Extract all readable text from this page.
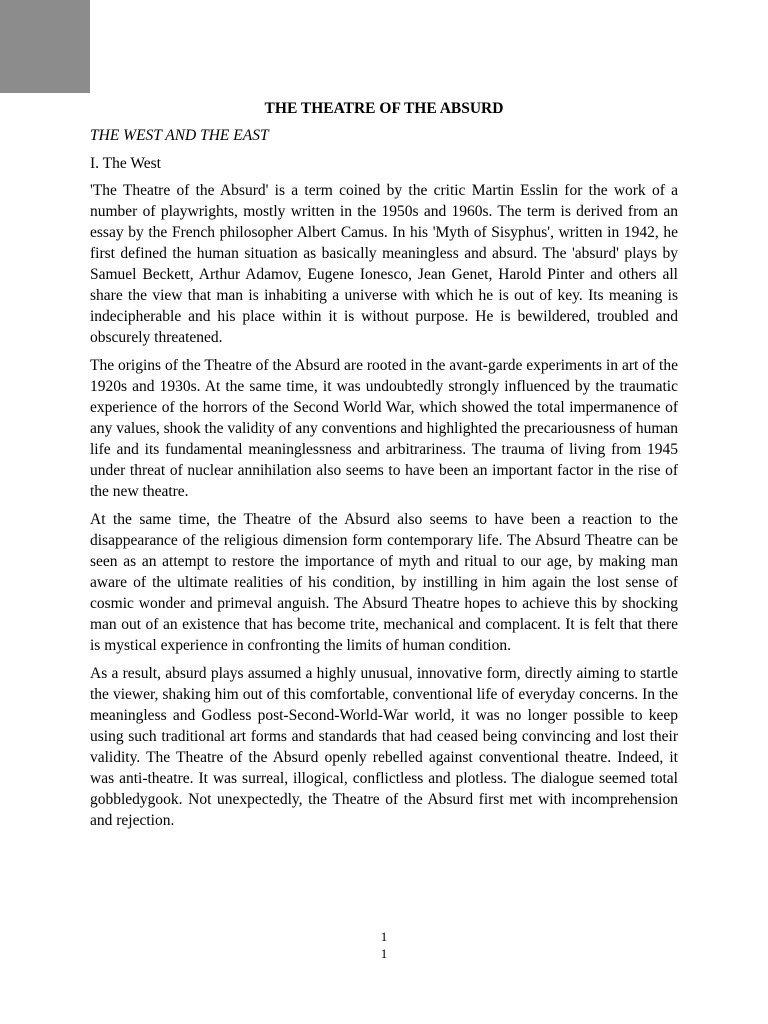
THE THEATRE OF THE ABSURD
THE WEST AND THE EAST
I. The West

'The Theatre of the Absurd' is a term coined by the critic Martin Esslin for the work of a number of playwrights, mostly written in the 1950s and 1960s. The term is derived from an essay by the French philosopher Albert Camus. In his 'Myth of Sisyphus', written in 1942, he first defined the human situation as basically meaningless and absurd. The 'absurd' plays by Samuel Beckett, Arthur Adamov, Eugene Ionesco, Jean Genet, Harold Pinter and others all share the view that man is inhabiting a universe with which he is out of key. Its meaning is indecipherable and his place within it is without purpose. He is bewildered, troubled and obscurely threatened.

The origins of the Theatre of the Absurd are rooted in the avant-garde experiments in art of the 1920s and 1930s. At the same time, it was undoubtedly strongly influenced by the traumatic experience of the horrors of the Second World War, which showed the total impermanence of any values, shook the validity of any conventions and highlighted the precariousness of human life and its fundamental meaninglessness and arbitrariness. The trauma of living from 1945 under threat of nuclear annihilation also seems to have been an important factor in the rise of the new theatre.

At the same time, the Theatre of the Absurd also seems to have been a reaction to the disappearance of the religious dimension form contemporary life. The Absurd Theatre can be seen as an attempt to restore the importance of myth and ritual to our age, by making man aware of the ultimate realities of his condition, by instilling in him again the lost sense of cosmic wonder and primeval anguish. The Absurd Theatre hopes to achieve this by shocking man out of an existence that has become trite, mechanical and complacent. It is felt that there is mystical experience in confronting the limits of human condition.

As a result, absurd plays assumed a highly unusual, innovative form, directly aiming to startle the viewer, shaking him out of this comfortable, conventional life of everyday concerns. In the meaningless and Godless post-Second-World-War world, it was no longer possible to keep using such traditional art forms and standards that had ceased being convincing and lost their validity. The Theatre of the Absurd openly rebelled against conventional theatre. Indeed, it was anti-theatre. It was surreal, illogical, conflictless and plotless. The dialogue seemed total gobbledygook. Not unexpectedly, the Theatre of the Absurd first met with incomprehension and rejection.

1
1
